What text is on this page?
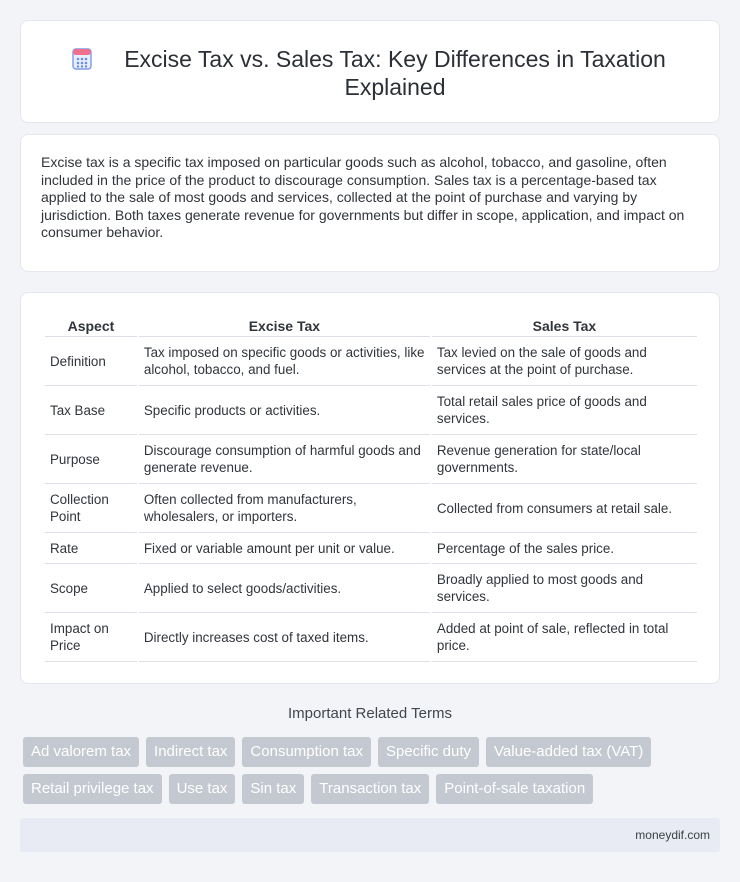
Excise Tax vs. Sales Tax: Key Differences in Taxation Explained

Excise tax is a specific tax imposed on particular goods such as alcohol, tobacco, and gasoline, often included in the price of the product to discourage consumption. Sales tax is a percentage-based tax applied to the sale of most goods and services, collected at the point of purchase and varying by jurisdiction. Both taxes generate revenue for governments but differ in scope, application, and impact on consumer behavior.

Aspect	Excise Tax	Sales Tax
Definition	Tax imposed on specific goods or activities, like alcohol, tobacco, and fuel.	Tax levied on the sale of goods and services at the point of purchase.
Tax Base	Specific products or activities.	Total retail sales price of goods and services.
Purpose	Discourage consumption of harmful goods and generate revenue.	Revenue generation for state/local governments.
Collection Point	Often collected from manufacturers, wholesalers, or importers.	Collected from consumers at retail sale.
Rate	Fixed or variable amount per unit or value.	Percentage of the sales price.
Scope	Applied to select goods/activities.	Broadly applied to most goods and services.
Impact on Price	Directly increases cost of taxed items.	Added at point of sale, reflected in total price.
Important Related Terms
Ad valorem tax	Indirect tax	Consumption tax	Specific duty	Value-added tax (VAT)
Retail privilege tax	Use tax	Sin tax	Transaction tax	Point-of-sale taxation
moneydif.com
